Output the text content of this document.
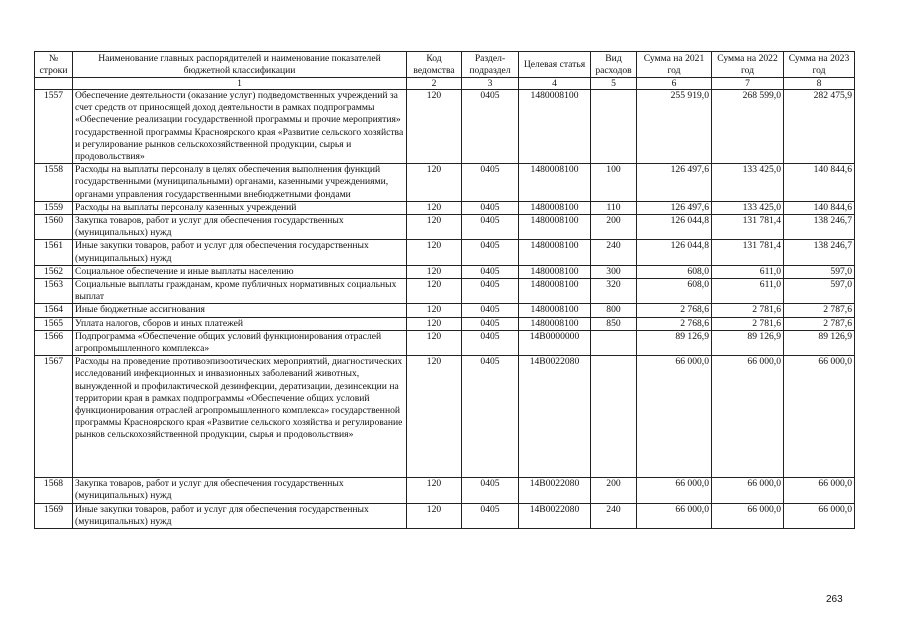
№ строки	Наименование главных распорядителей и наименование показателей бюджетной классификации	Код ведомства	Раздел-подраздел	Целевая статья	Вид расходов	Сумма на 2021 год	Сумма на 2022 год	Сумма на 2023 год
	1	2	3	4	5	6	7	8
1557	Обеспечение деятельности (оказание услуг) подведомственных учреждений за счет средств от приносящей доход деятельности в рамках подпрограммы «Обеспечение реализации государственной программы и прочие мероприятия» государственной программы Красноярского края «Развитие сельского хозяйства и регулирование рынков сельскохозяйственной продукции, сырья и продовольствия»	120	0405	1480008100		255 919,0	268 599,0	282 475,9
1558	Расходы на выплаты персоналу в целях обеспечения выполнения функций государственными (муниципальными) органами, казенными учреждениями, органами управления государственными внебюджетными фондами	120	0405	1480008100	100	126 497,6	133 425,0	140 844,6
1559	Расходы на выплаты персоналу казенных учреждений	120	0405	1480008100	110	126 497,6	133 425,0	140 844,6
1560	Закупка товаров, работ и услуг для обеспечения государственных (муниципальных) нужд	120	0405	1480008100	200	126 044,8	131 781,4	138 246,7
1561	Иные закупки товаров, работ и услуг для обеспечения государственных (муниципальных) нужд	120	0405	1480008100	240	126 044,8	131 781,4	138 246,7
1562	Социальное обеспечение и иные выплаты населению	120	0405	1480008100	300	608,0	611,0	597,0
1563	Социальные выплаты гражданам, кроме публичных нормативных социальных выплат	120	0405	1480008100	320	608,0	611,0	597,0
1564	Иные бюджетные ассигнования	120	0405	1480008100	800	2 768,6	2 781,6	2 787,6
1565	Уплата налогов, сборов и иных платежей	120	0405	1480008100	850	2 768,6	2 781,6	2 787,6
1566	Подпрограмма «Обеспечение общих условий функционирования отраслей агропромышленного комплекса»	120	0405	14В0000000		89 126,9	89 126,9	89 126,9
1567	Расходы на проведение противоэпизоотических мероприятий, диагностических исследований инфекционных и инвазионных заболеваний животных, вынужденной и профилактической дезинфекции, дератизации, дезинсекции на территории края в рамках подпрограммы «Обеспечение общих условий функционирования отраслей агропромышленного комплекса» государственной программы Красноярского края «Развитие сельского хозяйства и регулирование рынков сельскохозяйственной продукции, сырья и продовольствия»	120	0405	14В0022080		66 000,0	66 000,0	66 000,0
1568	Закупка товаров, работ и услуг для обеспечения государственных (муниципальных) нужд	120	0405	14В0022080	200	66 000,0	66 000,0	66 000,0
1569	Иные закупки товаров, работ и услуг для обеспечения государственных (муниципальных) нужд	120	0405	14В0022080	240	66 000,0	66 000,0	66 000,0
263
